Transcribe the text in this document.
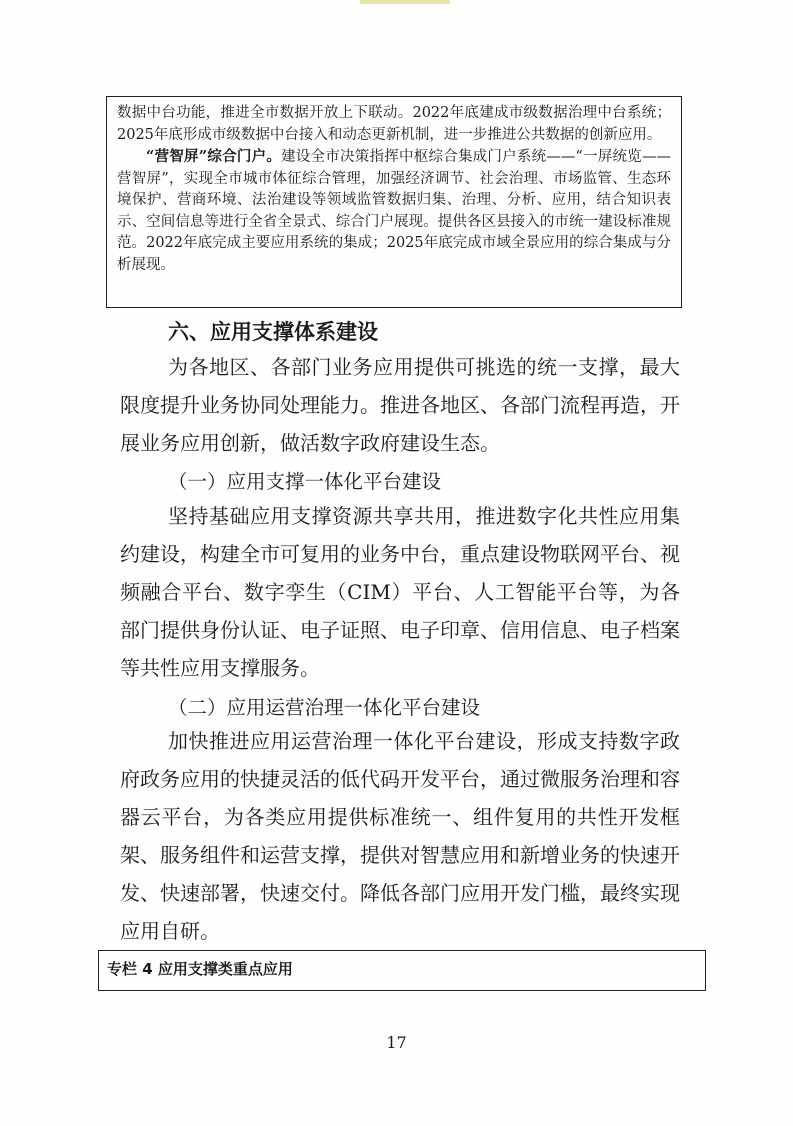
数据中台功能，推进全市数据开放上下联动。2022年底建成市级数据治理中台系统；2025年底形成市级数据中台接入和动态更新机制，进一步推进公共数据的创新应用。

“营智屏”综合门户。建设全市决策指挥中枢综合集成门户系统——“一屏统览——营智屏”，实现全市城市体征综合管理，加强经济调节、社会治理、市场监管、生态环境保护、营商环境、法治建设等领域监管数据归集、治理、分析、应用，结合知识表示、空间信息等进行全省全景式、综合门户展现。提供各区县接入的市统一建设标准规范。2022年底完成主要应用系统的集成；2025年底完成市域全景应用的综合集成与分析展现。

六、应用支撑体系建设

为各地区、各部门业务应用提供可挑选的统一支撑，最大限度提升业务协同处理能力。推进各地区、各部门流程再造，开展业务应用创新，做活数字政府建设生态。

（一）应用支撑一体化平台建设

坚持基础应用支撑资源共享共用，推进数字化共性应用集约建设，构建全市可复用的业务中台，重点建设物联网平台、视频融合平台、数字孪生（CIM）平台、人工智能平台等，为各部门提供身份认证、电子证照、电子印章、信用信息、电子档案等共性应用支撑服务。

（二）应用运营治理一体化平台建设

加快推进应用运营治理一体化平台建设，形成支持数字政府政务应用的快捷灵活的低代码开发平台，通过微服务治理和容器云平台，为各类应用提供标准统一、组件复用的共性开发框架、服务组件和运营支撑，提供对智慧应用和新增业务的快速开发、快速部署，快速交付。降低各部门应用开发门槛，最终实现应用自研。

专栏 4 应用支撑类重点应用
17
